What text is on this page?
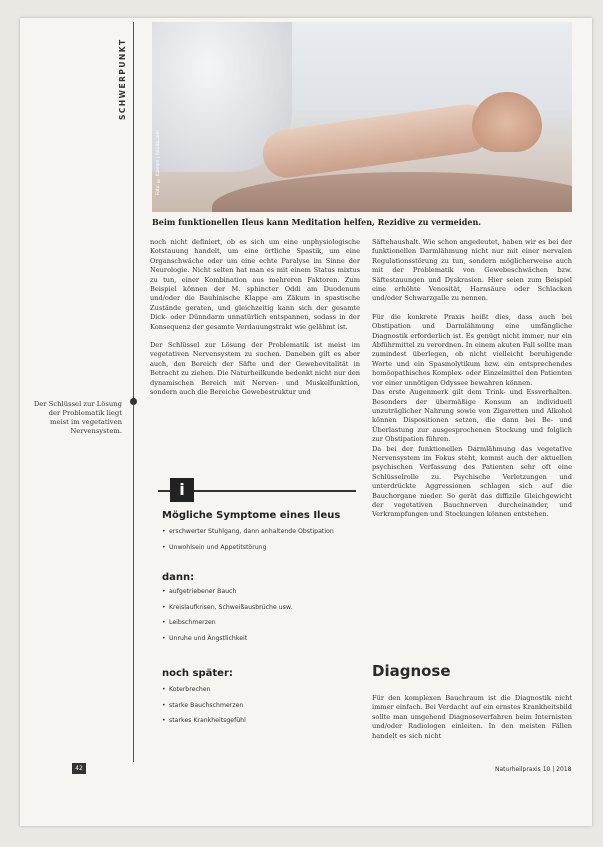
SCHWERPUNKT
Foto: © Kzenon | fotolia.com
Beim funktionellen Ileus kann Meditation helfen, Rezidive zu vermeiden.
Der Schlüssel zur Lösung der Problematik liegt meist im vegetativen Nervensystem.

noch nicht definiert, ob es sich um eine unphysiologische Kotstauung handelt, um eine örtliche Spastik, um eine Organschwäche oder um eine echte Paralyse im Sinne der Neurologie. Nicht selten hat man es mit einem Status mixtus zu tun, einer Kombination aus mehreren Faktoren. Zum Beispiel können der M. sphincter Oddi am Duodenum und/oder die Bauhinische Klappe am Zäkum in spastische Zustände geraten, und gleichzeitig kann sich der gesamte Dick- oder Dünndarm unnatürlich entspannen, sodass in der Konsequenz der gesamte Verdauungstrakt wie gelähmt ist.

Der Schlüssel zur Lösung der Problematik ist meist im vegetativen Nervensystem zu suchen. Daneben gilt es aber auch, den Bereich der Säfte und der Gewebevitalität in Betracht zu ziehen. Die Naturheilkunde bedenkt nicht nur den dynamischen Bereich mit Nerven- und Muskelfunktion, sondern auch die Bereiche Gewebestruktur und

i
Mögliche Symptome eines Ileus
• erschwerter Stuhlgang, dann anhaltende Obstipation
• Unwohlsein und Appetitstörung
dann:
• aufgetriebener Bauch
• Kreislaufkrisen, Schweißausbrüche usw.
• Leibschmerzen
• Unruhe und Ängstlichkeit
noch später:
• Koterbrechen
• starke Bauchschmerzen
• starkes Krankheitsgefühl

Säftehaushalt. Wie schon angedeutet, haben wir es bei der funktionellen Darmlähmung nicht nur mit einer nervalen Regulationsstörung zu tun, sondern möglicherweise auch mit der Problematik von Gewebeschwächen bzw. Säftestauungen und Dyskrasien. Hier seien zum Beispiel eine erhöhte Venosität, Harnsäure oder Schlacken und/oder Schwarzgalle zu nennen.

Für die konkrete Praxis heißt dies, dass auch bei Obstipation und Darmlähmung eine umfängliche Diagnostik erforderlich ist. Es genügt nicht immer, nur ein Abführmittel zu verordnen. In einem akuten Fall sollte man zumindest überlegen, ob nicht vielleicht beruhigende Worte und ein Spasmolytikum bzw. ein entsprechendes homöopathisches Komplex- oder Einzelmittel den Patienten vor einer unnötigen Odyssee bewahren können.

Das erste Augenmerk gilt dem Trink- und Essverhalten. Besonders der übermäßige Konsum an individuell unzuträglicher Nahrung sowie von Zigaretten und Alkohol können Dispositionen setzen, die dann bei Be- und Überlastung zur ausgesprochenen Stockung und folglich zur Obstipation führen.

Da bei der funktionellen Darmlähmung das vegetative Nervensystem im Fokus steht, kommt auch der aktuellen psychischen Verfassung des Patienten sehr oft eine Schlüsselrolle zu. Psychische Verletzungen und unterdrückte Aggressionen schlagen sich auf die Bauchorgane nieder. So gerät das diffizile Gleichgewicht der vegetativen Bauchnerven durcheinander, und Verkrampfungen und Stockungen können entstehen.

Diagnose
Für den komplexen Bauchraum ist die Diagnostik nicht immer einfach. Bei Verdacht auf ein ernstes Krankheitsbild sollte man umgehend Diagnoseverfahren beim Internisten und/oder Radiologen einleiten. In den meisten Fällen handelt es sich nicht
42	Naturheilpraxis 10 | 2018
